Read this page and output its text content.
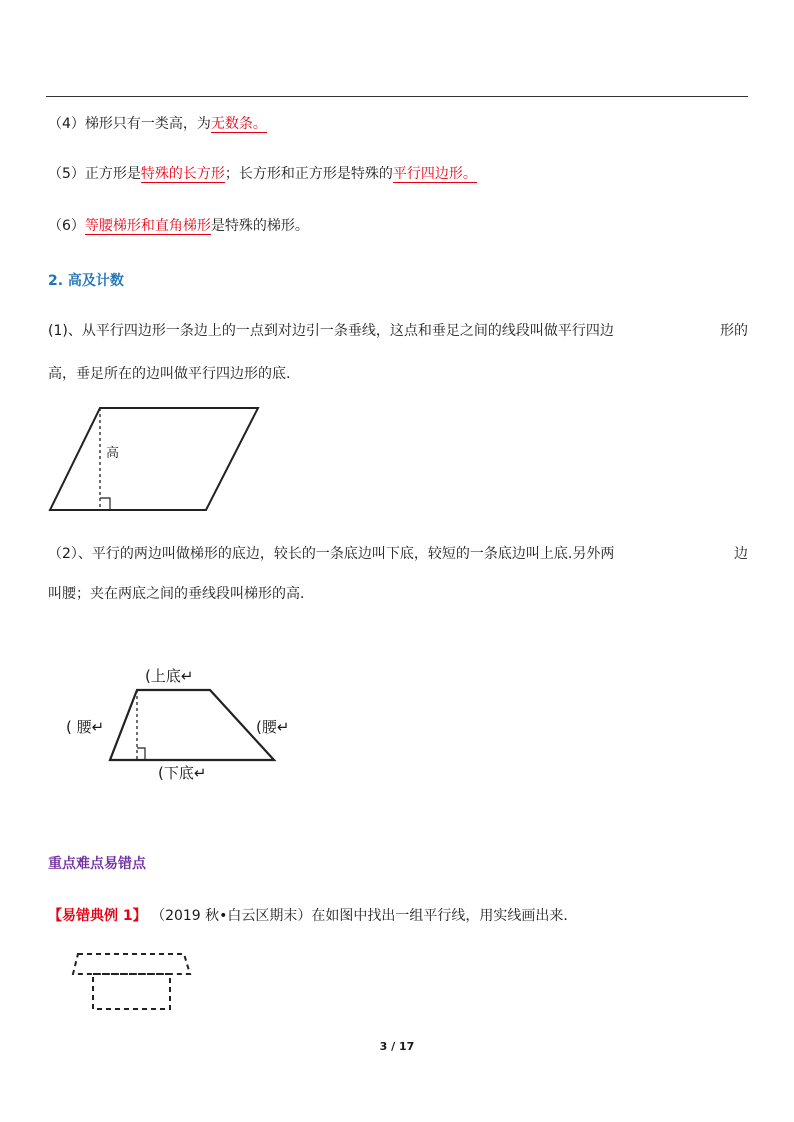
（4）梯形只有一类高，为无数条。
（5）正方形是特殊的长方形；长方形和正方形是特殊的平行四边形。
（6）等腰梯形和直角梯形是特殊的梯形。
2. 高及计数
(1)、从平行四边形一条边上的一点到对边引一条垂线，这点和垂足之间的线段叫做平行四边	形的
高，垂足所在的边叫做平行四边形的底.
高
（2）、平行的两边叫做梯形的底边，较长的一条底边叫下底，较短的一条底边叫上底.另外两	边
叫腰；夹在两底之间的垂线段叫梯形的高.
(上底↵
( 腰↵	(腰↵
(下底↵
重点难点易错点
【易错典例 1】 （2019 秋•白云区期末）在如图中找出一组平行线，用实线画出来．
3 / 17
